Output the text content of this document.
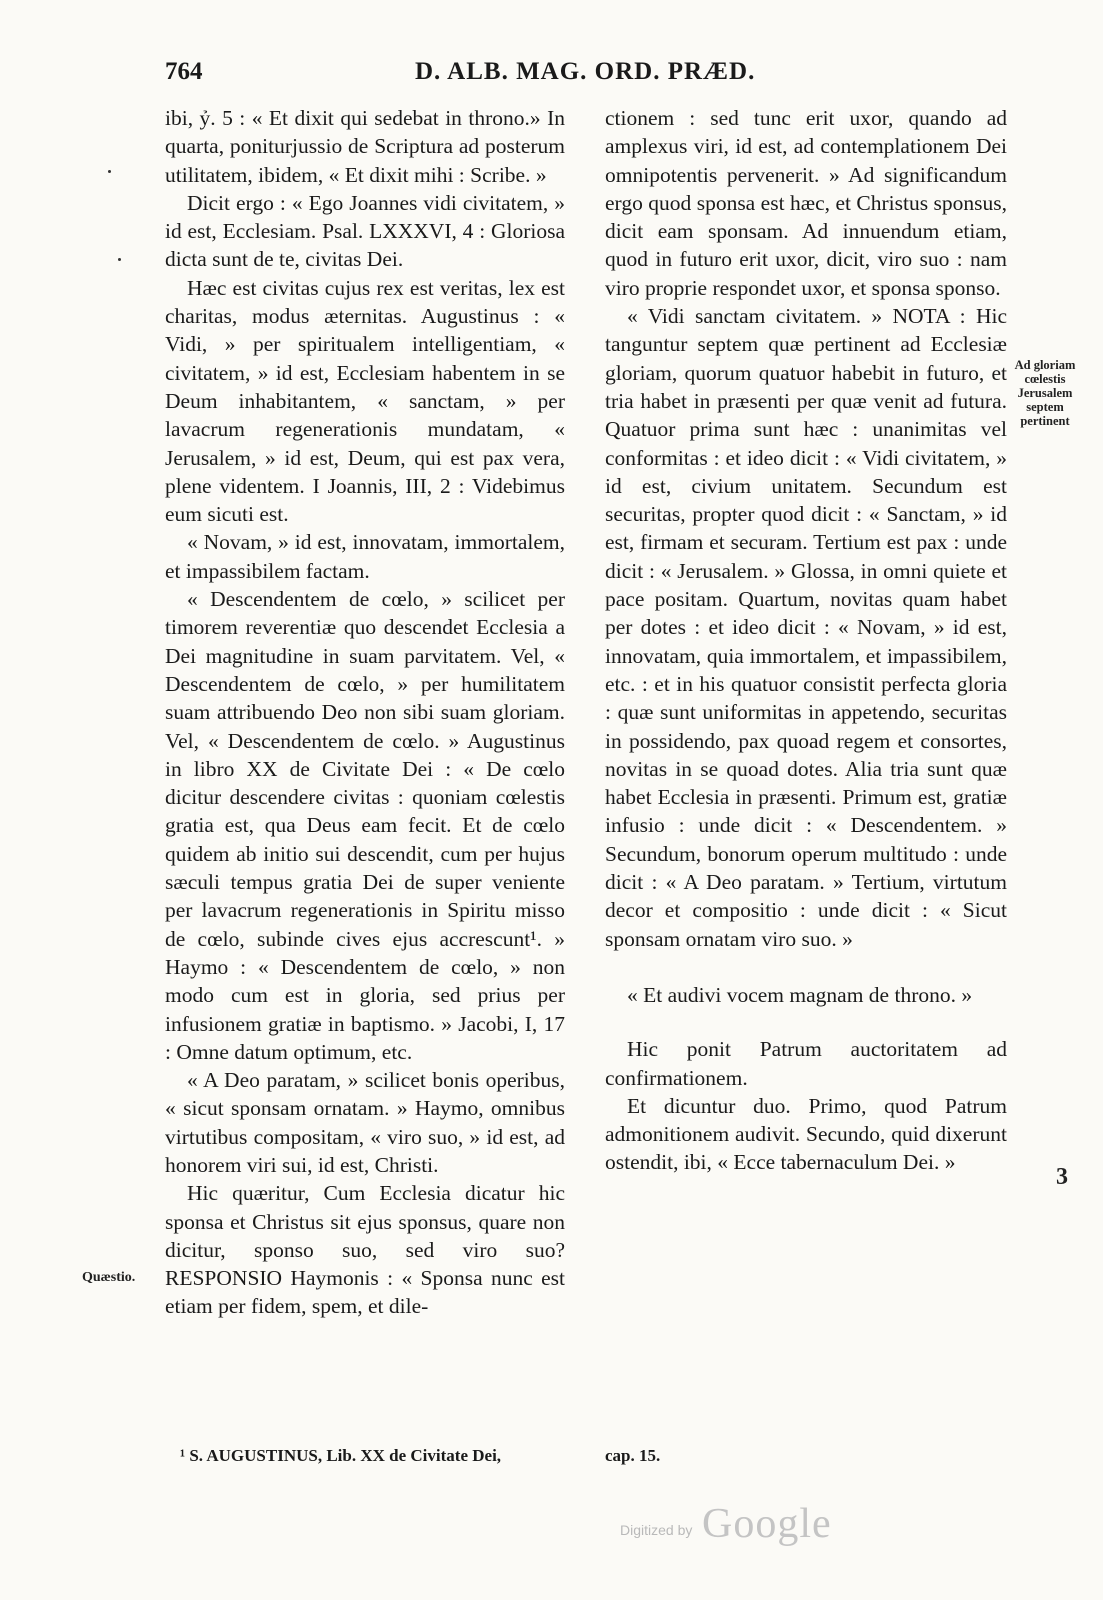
764	D. ALB. MAG. ORD. PRÆD.

ibi, ỷ. 5 : « Et dixit qui sedebat in throno.» In quarta, poniturjussio de Scriptura ad posterum utilitatem, ibidem, « Et dixit mihi : Scribe. »

Dicit ergo : « Ego Joannes vidi civitatem, » id est, Ecclesiam. Psal. LXXXVI, 4 : Gloriosa dicta sunt de te, civitas Dei.

Hæc est civitas cujus rex est veritas, lex est charitas, modus æternitas. Augustinus : « Vidi, » per spiritualem intelligentiam, « civitatem, » id est, Ecclesiam habentem in se Deum inhabitantem, « sanctam, » per lavacrum regenerationis mundatam, « Jerusalem, » id est, Deum, qui est pax vera, plene videntem. I Joannis, III, 2 : Videbimus eum sicuti est.

« Novam, » id est, innovatam, immortalem, et impassibilem factam.

« Descendentem de cœlo, » scilicet per timorem reverentiæ quo descendet Ecclesia a Dei magnitudine in suam parvitatem. Vel, « Descendentem de cœlo, » per humilitatem suam attribuendo Deo non sibi suam gloriam. Vel, « Descendentem de cœlo. » Augustinus in libro XX de Civitate Dei : « De cœlo dicitur descendere civitas : quoniam cœlestis gratia est, qua Deus eam fecit. Et de cœlo quidem ab initio sui descendit, cum per hujus sæculi tempus gratia Dei de super veniente per lavacrum regenerationis in Spiritu misso de cœlo, subinde cives ejus accrescunt¹. » Haymo : « Descendentem de cœlo, » non modo cum est in gloria, sed prius per infusionem gratiæ in baptismo. » Jacobi, I, 17 : Omne datum optimum, etc.

« A Deo paratam, » scilicet bonis operibus, « sicut sponsam ornatam. » Haymo, omnibus virtutibus compositam, « viro suo, » id est, ad honorem viri sui, id est, Christi.

Hic quæritur, Cum Ecclesia dicatur hic sponsa et Christus sit ejus sponsus, quare non dicitur, sponso suo, sed viro suo? RESPONSIO Haymonis : « Sponsa nunc est etiam per fidem, spem, et dile-

ctionem : sed tunc erit uxor, quando ad amplexus viri, id est, ad contemplationem Dei omnipotentis pervenerit. » Ad significandum ergo quod sponsa est hæc, et Christus sponsus, dicit eam sponsam. Ad innuendum etiam, quod in futuro erit uxor, dicit, viro suo : nam viro proprie respondet uxor, et sponsa sponso.

« Vidi sanctam civitatem. » NOTA : Hic tanguntur septem quæ pertinent ad Ecclesiæ gloriam, quorum quatuor habebit in futuro, et tria habet in præsenti per quæ venit ad futura. Quatuor prima sunt hæc : unanimitas vel conformitas : et ideo dicit : « Vidi civitatem, » id est, civium unitatem. Secundum est securitas, propter quod dicit : « Sanctam, » id est, firmam et securam. Tertium est pax : unde dicit : « Jerusalem. » Glossa, in omni quiete et pace positam. Quartum, novitas quam habet per dotes : et ideo dicit : « Novam, » id est, innovatam, quia immortalem, et impassibilem, etc. : et in his quatuor consistit perfecta gloria : quæ sunt uniformitas in appetendo, securitas in possidendo, pax quoad regem et consortes, novitas in se quoad dotes. Alia tria sunt quæ habet Ecclesia in præsenti. Primum est, gratiæ infusio : unde dicit : « Descendentem. » Secundum, bonorum operum multitudo : unde dicit : « A Deo paratam. » Tertium, virtutum decor et compositio : unde dicit : « Sicut sponsam ornatam viro suo. »

« Et audivi vocem magnam de throno. »

Hic ponit Patrum auctoritatem ad confirmationem.

Et dicuntur duo. Primo, quod Patrum admonitionem audivit. Secundo, quid dixerunt ostendit, ibi, « Ecce tabernaculum Dei. »

Ad gloriam cœlestis Jerusalem septem pertinent
Quæstio.
3
¹ S. AUGUSTINUS, Lib. XX de Civitate Dei,	cap. 15.
Digitized by Google
